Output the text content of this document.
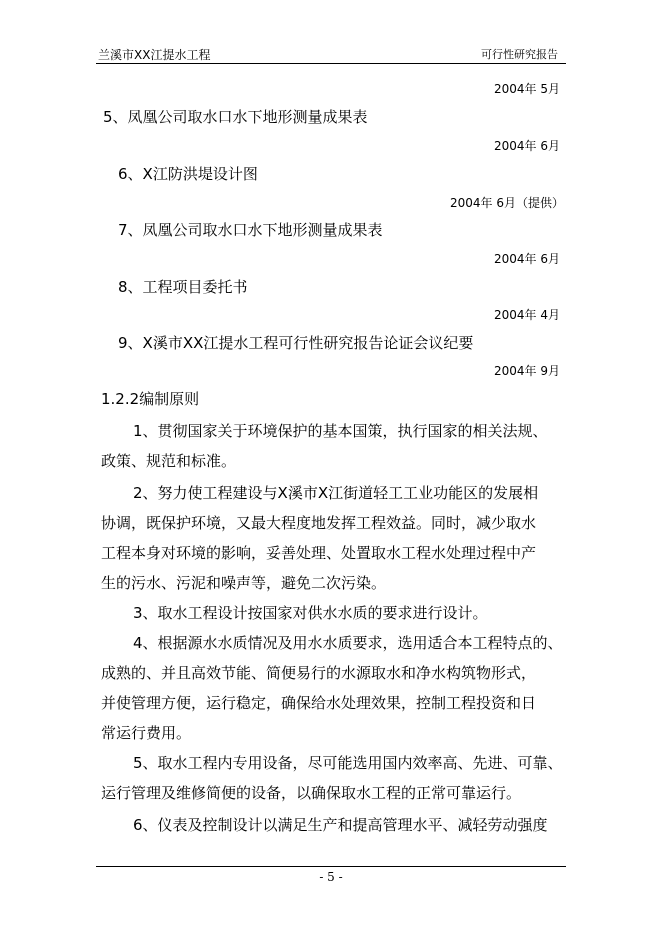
兰溪市XX江提水工程	可行性研究报告
2004年 5月
5、凤凰公司取水口水下地形测量成果表
2004年 6月
6、X江防洪堤设计图
2004年 6月（提供）
7、凤凰公司取水口水下地形测量成果表
2004年 6月
8、工程项目委托书
2004年 4月
9、X溪市XX江提水工程可行性研究报告论证会议纪要
2004年 9月
1.2.2编制原则
1、贯彻国家关于环境保护的基本国策，执行国家的相关法规、
政策、规范和标准。
2、努力使工程建设与X溪市X江街道轻工工业功能区的发展相
协调，既保护环境，又最大程度地发挥工程效益。同时，减少取水
工程本身对环境的影响，妥善处理、处置取水工程水处理过程中产
生的污水、污泥和噪声等，避免二次污染。
3、取水工程设计按国家对供水水质的要求进行设计。
4、根据源水水质情况及用水水质要求，选用适合本工程特点的、
成熟的、并且高效节能、简便易行的水源取水和净水构筑物形式，
并使管理方便，运行稳定，确保给水处理效果，控制工程投资和日
常运行费用。
5、取水工程内专用设备，尽可能选用国内效率高、先进、可靠、
运行管理及维修简便的设备，以确保取水工程的正常可靠运行。
6、仪表及控制设计以满足生产和提高管理水平、减轻劳动强度
- 5 -
